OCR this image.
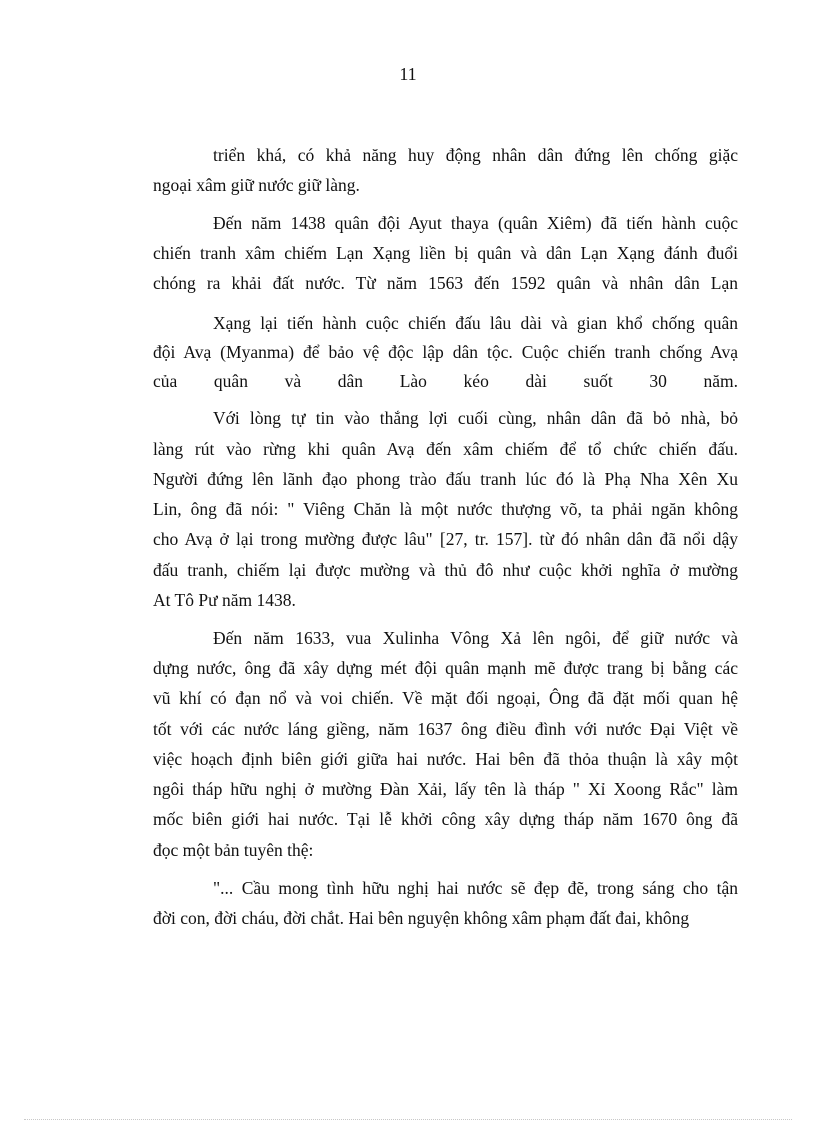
11

triển khá, có khả năng huy động nhân dân đứng lên chống giặc

ngoại xâm giữ nước giữ làng.

Đến năm 1438 quân đội Ayut thaya (quân Xiêm) đã tiến hành cuộc

chiến tranh xâm chiếm Lạn Xạng liền bị quân và dân Lạn Xạng đánh đuổi

chóng ra khải đất nước. Từ năm 1563 đến 1592 quân và nhân dân Lạn

Xạng lại tiến hành cuộc chiến đấu lâu dài và gian khổ chống quân

đội Avạ (Myanma) để bảo vệ độc lập dân tộc. Cuộc chiến tranh chống Avạ

của quân và dân Lào kéo dài suốt 30 năm.

Với lòng tự tin vào thắng lợi cuối cùng, nhân dân đã bỏ nhà, bỏ

làng rút vào rừng khi quân Avạ đến xâm chiếm để tổ chức chiến đấu.

Người đứng lên lãnh đạo phong trào đấu tranh lúc đó là Phạ Nha Xên Xu

Lin, ông đã nói: " Viêng Chăn là một nước thượng võ, ta phải ngăn không

cho Avạ ở lại trong mường được lâu" [27, tr. 157]. từ đó nhân dân đã nổi dậy

đấu tranh, chiếm lại được mường và thủ đô như cuộc khởi nghĩa ở mường

At Tô Pư năm 1438.

Đến năm 1633, vua Xulinha Vông Xả lên ngôi, để giữ nước và

dựng nước, ông đã xây dựng mét đội quân mạnh mẽ được trang bị bằng các

vũ khí có đạn nổ và voi chiến. Về mặt đối ngoại, Ông đã đặt mối quan hệ

tốt với các nước láng giềng, năm 1637 ông điều đình với nước Đại Việt về

việc hoạch định biên giới giữa hai nước. Hai bên đã thỏa thuận là xây một

ngôi tháp hữu nghị ở mường Đàn Xải, lấy tên là tháp " Xỉ Xoong Rắc" làm

mốc biên giới hai nước. Tại lễ khởi công xây dựng tháp năm 1670 ông đã

đọc một bản tuyên thệ:

"... Cầu mong tình hữu nghị hai nước sẽ đẹp đẽ, trong sáng cho tận

đời con, đời cháu, đời chắt. Hai bên nguyện không xâm phạm đất đai, không
